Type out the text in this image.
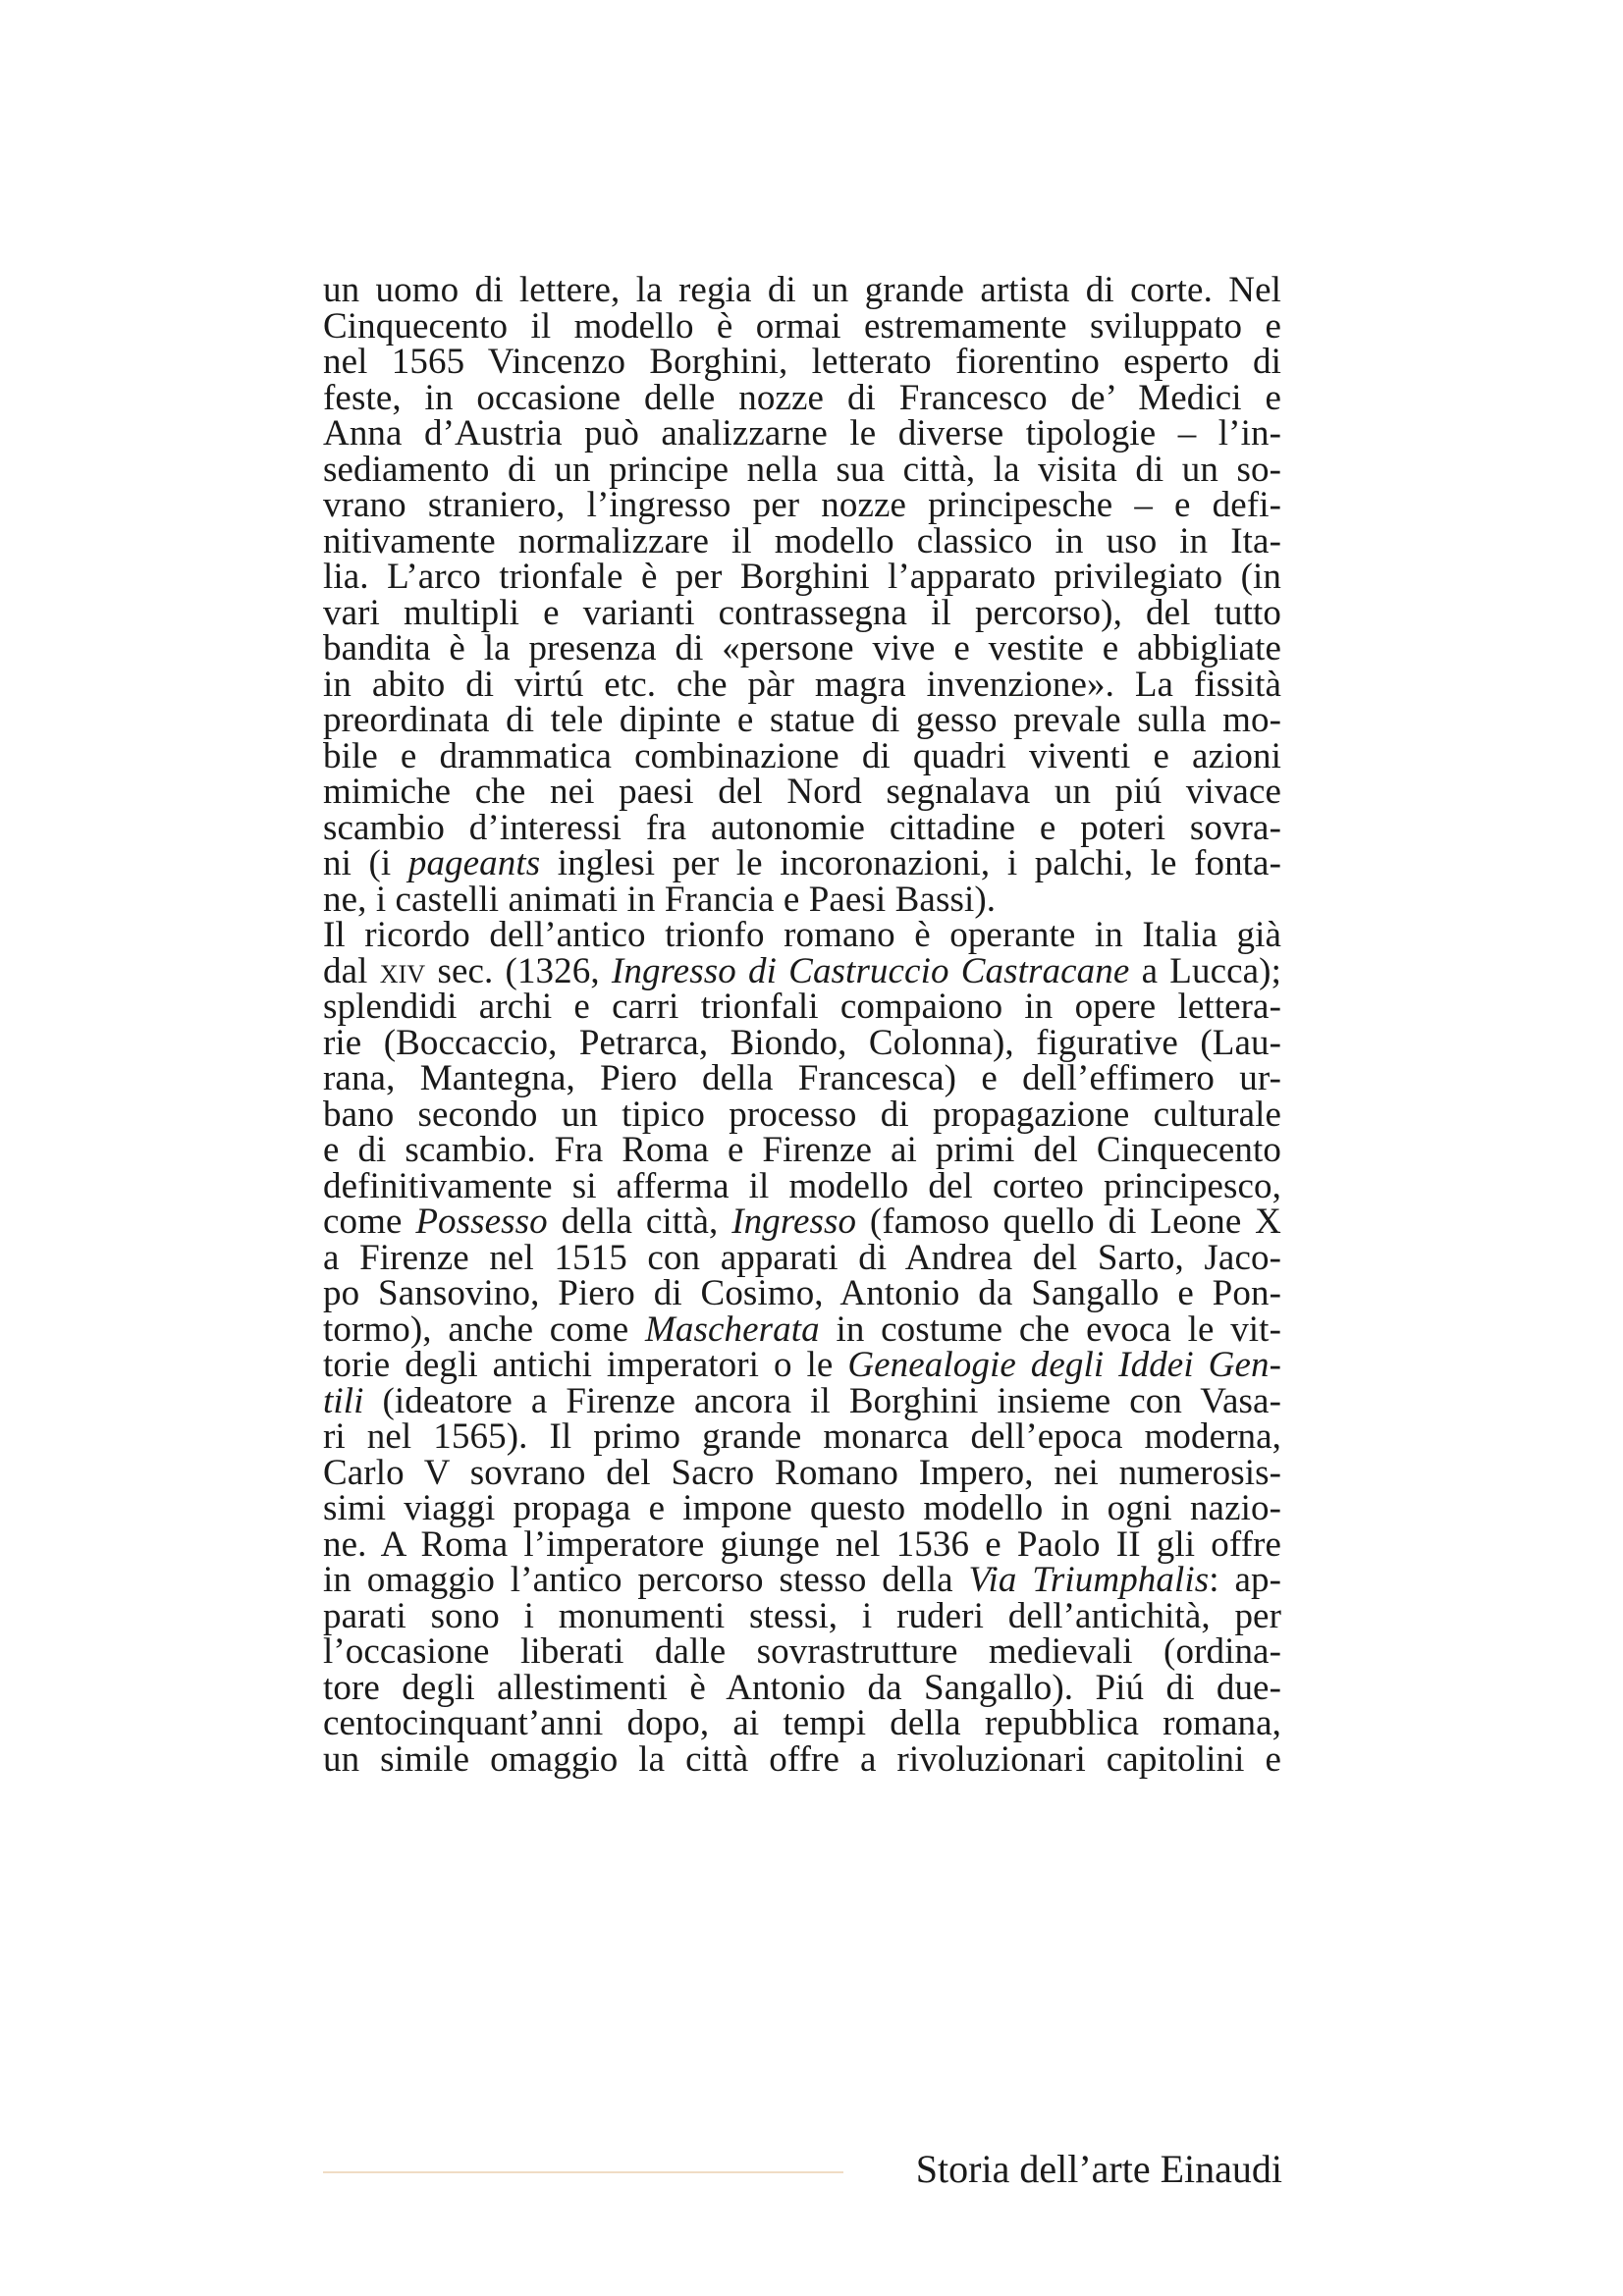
un uomo di lettere, la regia di un grande artista di corte. Nel
Cinquecento il modello è ormai estremamente sviluppato e
nel 1565 Vincenzo Borghini, letterato fiorentino esperto di
feste, in occasione delle nozze di Francesco de’ Medici e
Anna d’Austria può analizzarne le diverse tipologie – l’in-
sediamento di un principe nella sua città, la visita di un so-
vrano straniero, l’ingresso per nozze principesche – e defi-
nitivamente normalizzare il modello classico in uso in Ita-
lia. L’arco trionfale è per Borghini l’apparato privilegiato (in
vari multipli e varianti contrassegna il percorso), del tutto
bandita è la presenza di «persone vive e vestite e abbigliate
in abito di virtú etc. che pàr magra invenzione». La fissità
preordinata di tele dipinte e statue di gesso prevale sulla mo-
bile e drammatica combinazione di quadri viventi e azioni
mimiche che nei paesi del Nord segnalava un piú vivace
scambio d’interessi fra autonomie cittadine e poteri sovra-
ni (i pageants inglesi per le incoronazioni, i palchi, le fonta-
ne, i castelli animati in Francia e Paesi Bassi).
Il ricordo dell’antico trionfo romano è operante in Italia già
dal xiv sec. (1326, Ingresso di Castruccio Castracane a Lucca);
splendidi archi e carri trionfali compaiono in opere lettera-
rie (Boccaccio, Petrarca, Biondo, Colonna), figurative (Lau-
rana, Mantegna, Piero della Francesca) e dell’effimero ur-
bano secondo un tipico processo di propagazione culturale
e di scambio. Fra Roma e Firenze ai primi del Cinquecento
definitivamente si afferma il modello del corteo principesco,
come Possesso della città, Ingresso (famoso quello di Leone X
a Firenze nel 1515 con apparati di Andrea del Sarto, Jaco-
po Sansovino, Piero di Cosimo, Antonio da Sangallo e Pon-
tormo), anche come Mascherata in costume che evoca le vit-
torie degli antichi imperatori o le Genealogie degli Iddei Gen-
tili (ideatore a Firenze ancora il Borghini insieme con Vasa-
ri nel 1565). Il primo grande monarca dell’epoca moderna,
Carlo V sovrano del Sacro Romano Impero, nei numerosis-
simi viaggi propaga e impone questo modello in ogni nazio-
ne. A Roma l’imperatore giunge nel 1536 e Paolo II gli offre
in omaggio l’antico percorso stesso della Via Triumphalis: ap-
parati sono i monumenti stessi, i ruderi dell’antichità, per
l’occasione liberati dalle sovrastrutture medievali (ordina-
tore degli allestimenti è Antonio da Sangallo). Piú di due-
centocinquant’anni dopo, ai tempi della repubblica romana,
un simile omaggio la città offre a rivoluzionari capitolini e
Storia dell’arte Einaudi
